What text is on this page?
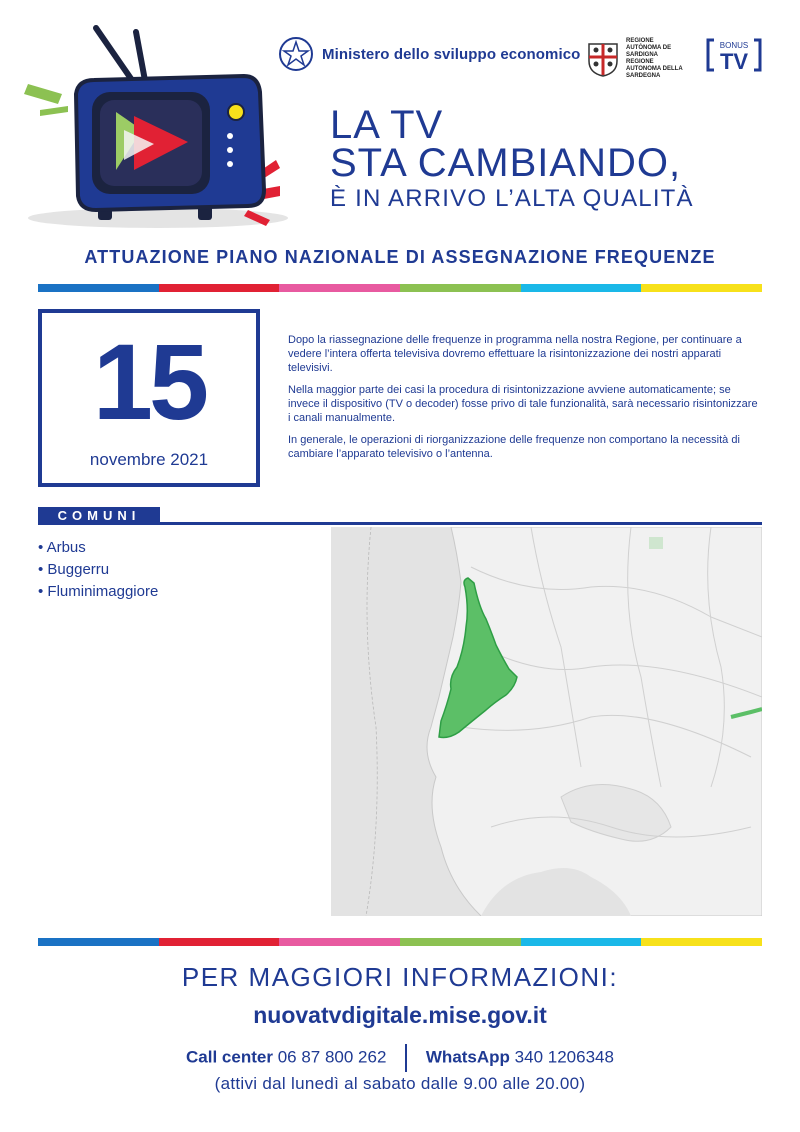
Ministero dello sviluppo economico
REGIONE AUTÒNOMA DE SARDIGNA
REGIONE AUTONOMA DELLA SARDEGNA
BONUS
TV
LA TV
STA CAMBIANDO,
È IN ARRIVO L’ALTA QUALITÀ
ATTUAZIONE PIANO NAZIONALE DI ASSEGNAZIONE FREQUENZE
15
novembre 2021

Dopo la riassegnazione delle frequenze in programma nella nostra Regione, per continuare a vedere l’intera offerta televisiva dovremo effettuare la risintonizzazione dei nostri apparati televisivi.

Nella maggior parte dei casi la procedura di risintonizzazione avviene automaticamente; se invece il dispositivo (TV o decoder) fosse privo di tale funzionalità, sarà necessario risintonizzare i canali manualmente.

In generale, le operazioni di riorganizzazione delle frequenze non comportano la necessità di cambiare l’apparato televisivo o l’antenna.

COMUNI
• Arbus
• Buggerru
• Fluminimaggiore
PER MAGGIORI INFORMAZIONI:
nuovatvdigitale.mise.gov.it
Call center 06 87 800 262 WhatsApp 340 1206348
(attivi dal lunedì al sabato dalle 9.00 alle 20.00)
